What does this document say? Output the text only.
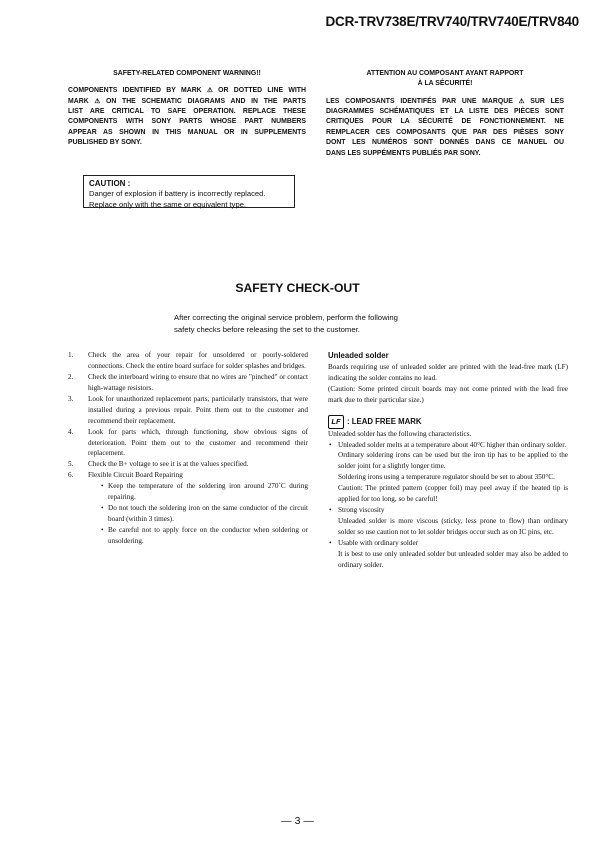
DCR-TRV738E/TRV740/TRV740E/TRV840
SAFETY-RELATED COMPONENT WARNING!!

COMPONENTS IDENTIFIED BY MARK ⚠ OR DOTTED LINE WITH

MARK ⚠ ON THE SCHEMATIC DIAGRAMS AND IN THE PARTS

LIST ARE CRITICAL TO SAFE OPERATION. REPLACE THESE

COMPONENTS WITH SONY PARTS WHOSE PART NUMBERS

APPEAR AS SHOWN IN THIS MANUAL OR IN SUPPLEMENTS

PUBLISHED BY SONY.

ATTENTION AU COMPOSANT AYANT RAPPORT
À LA SÉCURITÉ!

LES COMPOSANTS IDENTIFÉS PAR UNE MARQUE ⚠ SUR LES

DIAGRAMMES SCHÉMATIQUES ET LA LISTE DES PIÈCES SONT

CRITIQUES POUR LA SÉCURITÉ DE FONCTIONNEMENT. NE

REMPLACER CES COMPOSANTS QUE PAR DES PIÈSES SONY

DONT LES NUMÉROS SONT DONNÉS DANS CE MANUEL OU

DANS LES SUPPÉMENTS PUBLIÉS PAR SONY.

CAUTION :
Danger of explosion if battery is incorrectly replaced.
Replace only with the same or equivalent type.
SAFETY CHECK-OUT
After correcting the original service problem, perform the following
safety checks before releasing the set to the customer.
1. Check the area of your repair for unsoldered or poorly-soldered connections. Check the entire board surface for solder splashes and bridges.
2. Check the interboard wiring to ensure that no wires are "pinched" or contact high-wattage resistors.
3. Look for unauthorized replacement parts, particularly transistors, that were installed during a previous repair. Point them out to the customer and recommend their replacement.
4. Look for parts which, through functioning, show obvious signs of deterioration. Point them out to the customer and recommend their replacement.
5. Check the B+ voltage to see it is at the values specified.
6. Flexible Circuit Board Repairing
• Keep the temperature of the soldering iron around 270˚C during repairing.
• Do not touch the soldering iron on the same conductor of the circuit board (within 3 times).
• Be careful not to apply force on the conductor when soldering or unsoldering.
Unleaded solder

Boards requiring use of unleaded solder are printed with the lead-free mark (LF) indicating the solder contains no lead.

(Caution: Some printed circuit boards may not come printed with the lead free mark due to their particular size.)

LF : LEAD FREE MARK

Unleaded solder has the following characteristics.

• Unleaded solder melts at a temperature about 40°C higher than ordinary solder.
Ordinary soldering irons can be used but the iron tip has to be applied to the solder joint for a slightly longer time.
Soldering irons using a temperature regulator should be set to about 350°C.
Caution: The printed pattern (copper foil) may peel away if the heated tip is applied for too long, so be careful!
• Strong viscosity
Unleaded solder is more viscous (sticky, less prone to flow) than ordinary solder so use caution not to let solder bridges occur such as on IC pins, etc.
• Usable with ordinary solder
It is best to use only unleaded solder but unleaded solder may also be added to ordinary solder.
— 3 —
